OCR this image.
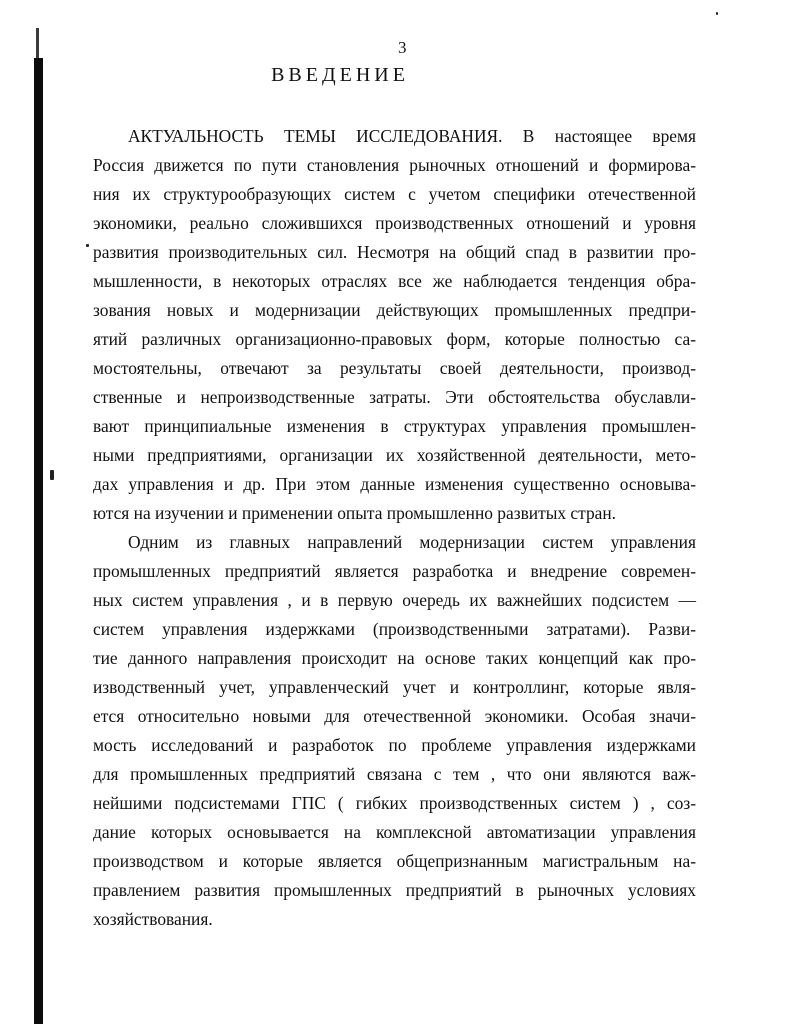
3
ВВЕДЕНИЕ
АКТУАЛЬНОСТЬ ТЕМЫ ИССЛЕДОВАНИЯ. В настоящее время
Россия движется по пути становления рыночных отношений и формирова-
ния их структурообразующих систем с учетом специфики отечественной
экономики, реально сложившихся производственных отношений и уровня
развития производительных сил. Несмотря на общий спад в развитии про-
мышленности, в некоторых отраслях все же наблюдается тенденция обра-
зования новых и модернизации действующих промышленных предпри-
ятий различных организационно-правовых форм, которые полностью са-
мостоятельны, отвечают за результаты своей деятельности, производ-
ственные и непроизводственные затраты. Эти обстоятельства обуславли-
вают принципиальные изменения в структурах управления промышлен-
ными предприятиями, организации их хозяйственной деятельности, мето-
дах управления и др. При этом данные изменения существенно основыва-
ются на изучении и применении опыта промышленно развитых стран.
Одним из главных направлений модернизации систем управления
промышленных предприятий является разработка и внедрение современ-
ных систем управления , и в первую очередь их важнейших подсистем —
систем управления издержками (производственными затратами). Разви-
тие данного направления происходит на основе таких концепций как про-
изводственный учет, управленческий учет и контроллинг, которые явля-
ется относительно новыми для отечественной экономики. Особая значи-
мость исследований и разработок по проблеме управления издержками
для промышленных предприятий связана с тем , что они являются важ-
нейшими подсистемами ГПС ( гибких производственных систем ) , соз-
дание которых основывается на комплексной автоматизации управления
производством и которые является общепризнанным магистральным на-
правлением развития промышленных предприятий в рыночных условиях
хозяйствования.
